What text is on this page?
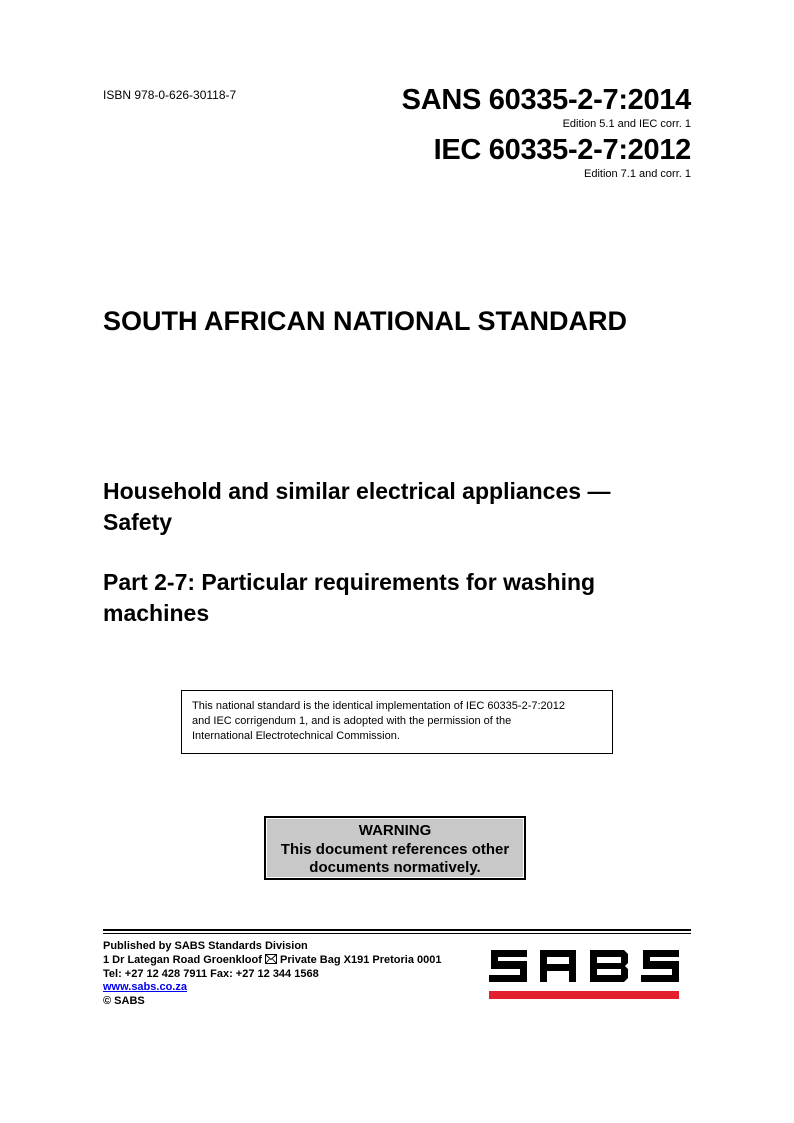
ISBN 978-0-626-30118-7	SANS 60335-2-7:2014
Edition 5.1 and IEC corr. 1
IEC 60335-2-7:2012
Edition 7.1 and corr. 1
SOUTH AFRICAN NATIONAL STANDARD
Household and similar electrical appliances —
Safety
Part 2-7: Particular requirements for washing
machines
This national standard is the identical implementation of IEC 60335-2-7:2012
and IEC corrigendum 1, and is adopted with the permission of the
International Electrotechnical Commission.
WARNING
This document references other
documents normatively.
Published by SABS Standards Division
1 Dr Lategan Road Groenkloof Private Bag X191 Pretoria 0001
Tel: +27 12 428 7911 Fax: +27 12 344 1568
www.sabs.co.za
© SABS
